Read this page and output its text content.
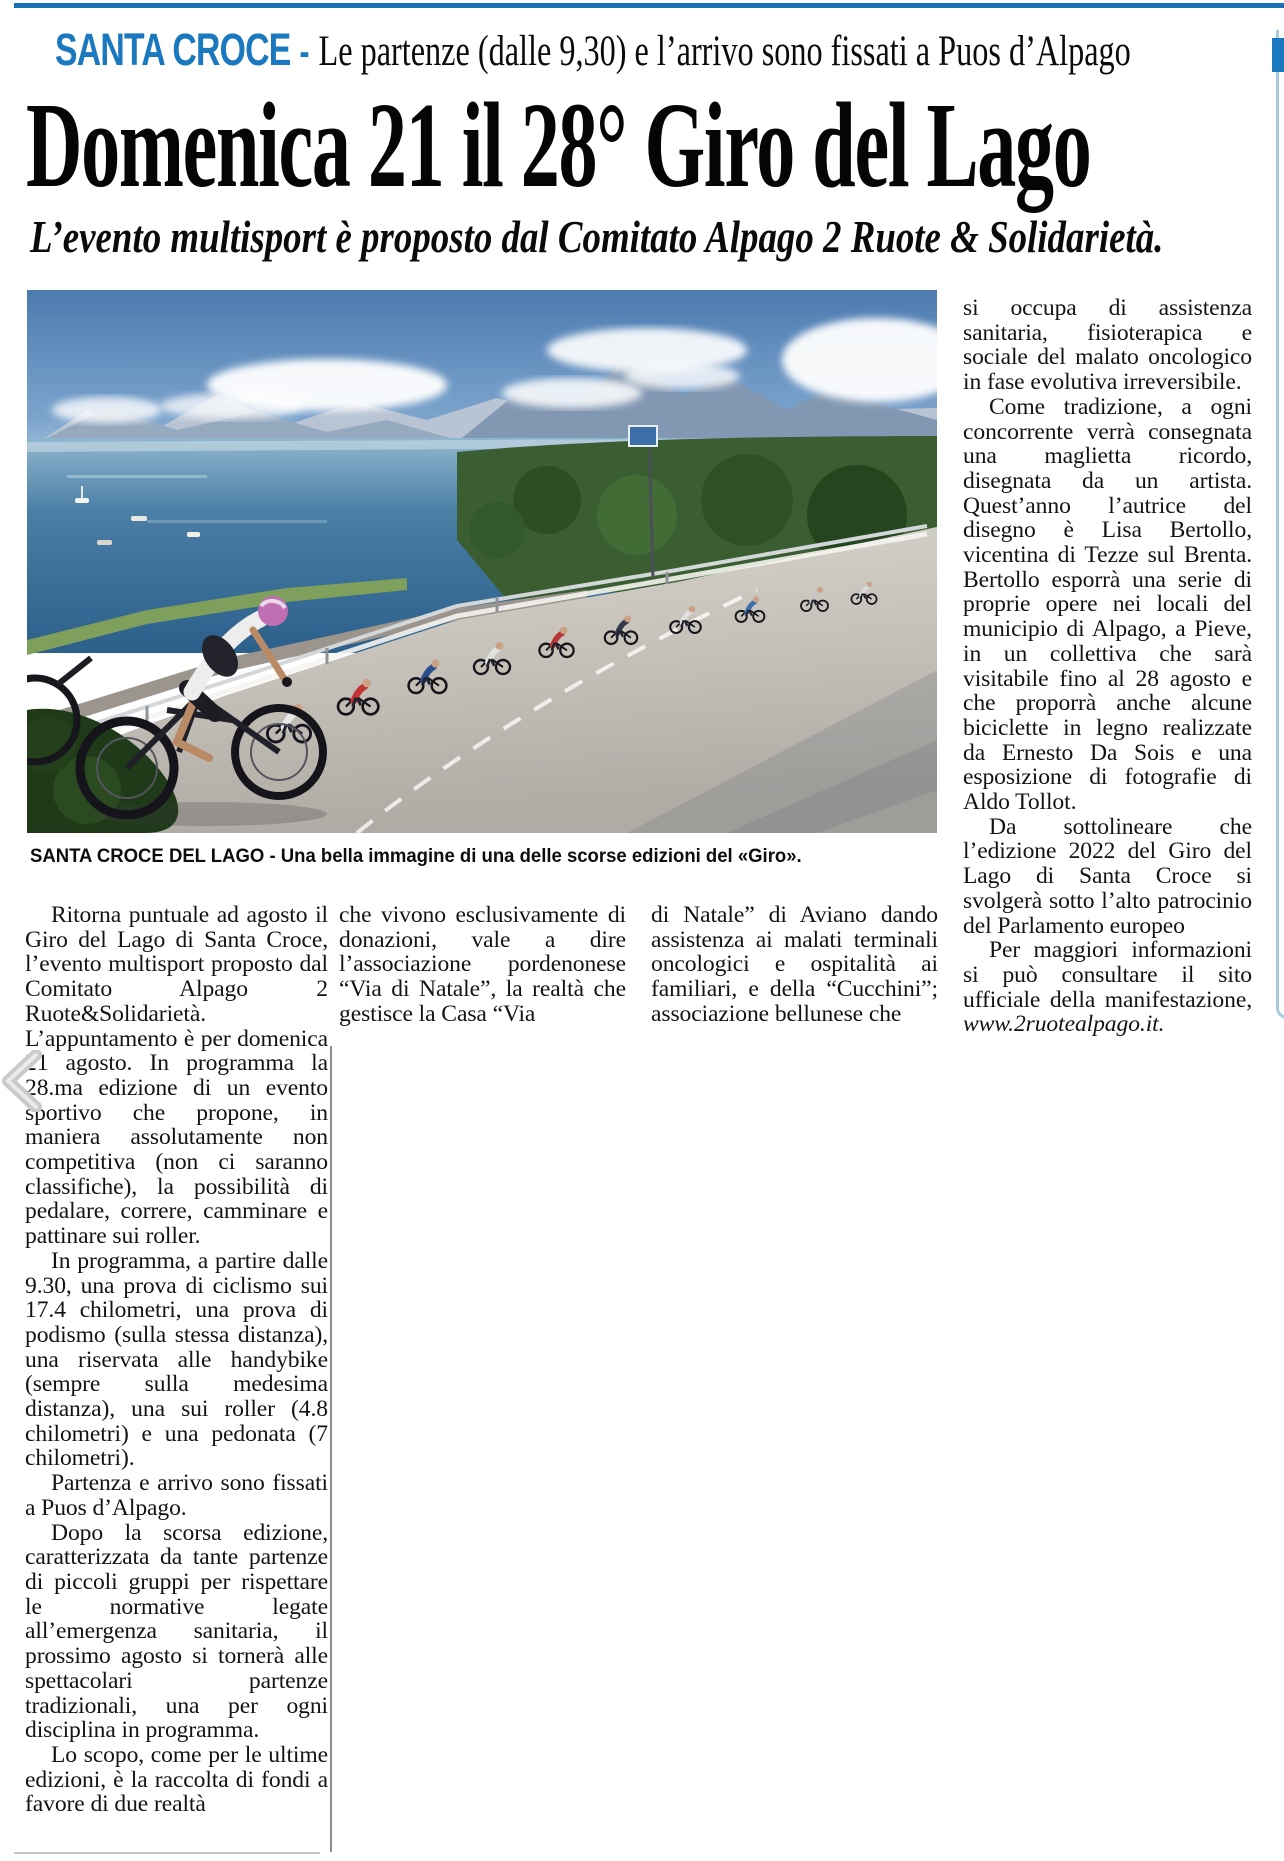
SANTA CROCE - Le partenze (dalle 9,30) e l’arrivo sono fissati a Puos d’Alpago
Domenica 21 il 28° Giro del Lago
L’evento multisport è proposto dal Comitato Alpago 2 Ruote & Solidarietà.
SANTA CROCE DEL LAGO - Una bella immagine di una delle scorse edizioni del «Giro».

Ritorna puntuale ad agosto il Giro del Lago di Santa Croce, l’evento multisport proposto dal Comitato Alpago 2 Ruote&Solidarietà. L’appuntamento è per domenica 21 agosto. In programma la 28.ma edizione di un evento sportivo che propone, in maniera assolutamente non competitiva (non ci saranno classifiche), la possibilità di pedalare, correre, camminare e pattinare sui roller.

In programma, a partire dalle 9.30, una prova di ciclismo sui 17.4 chilometri, una prova di podismo (sulla stessa distanza), una riservata alle handybike (sempre sulla medesima distanza), una sui roller (4.8 chilometri) e una pedonata (7 chilometri).

Partenza e arrivo sono fissati a Puos d’Alpago.

Dopo la scorsa edizione, caratterizzata da tante partenze di piccoli gruppi per rispettare le normative legate all’emergenza sanitaria, il prossimo agosto si tornerà alle spettacolari partenze tradizionali, una per ogni disciplina in programma.

Lo scopo, come per le ultime edizioni, è la raccolta di fondi a favore di due realtà

che vivono esclusivamente di donazioni, vale a dire l’associazione pordenonese “Via di Natale”, la realtà che gestisce la Casa “Via

di Natale” di Aviano dando assistenza ai malati terminali oncologici e ospitalità ai familiari, e della “Cucchini”; associazione bellunese che

si occupa di assistenza sanitaria, fisioterapica e sociale del malato oncologico in fase evolutiva irreversibile.

Come tradizione, a ogni concorrente verrà consegnata una maglietta ricordo, disegnata da un artista. Quest’anno l’autrice del disegno è Lisa Bertollo, vicentina di Tezze sul Brenta. Bertollo esporrà una serie di proprie opere nei locali del municipio di Alpago, a Pieve, in un collettiva che sarà visitabile fino al 28 agosto e che proporrà anche alcune biciclette in legno realizzate da Ernesto Da Sois e una esposizione di fotografie di Aldo Tollot.

Da sottolineare che l’edizione 2022 del Giro del Lago di Santa Croce si svolgerà sotto l’alto patrocinio del Parlamento europeo

Per maggiori informazioni si può consultare il sito ufficiale della manifestazione, www.2ruotealpago.it.
